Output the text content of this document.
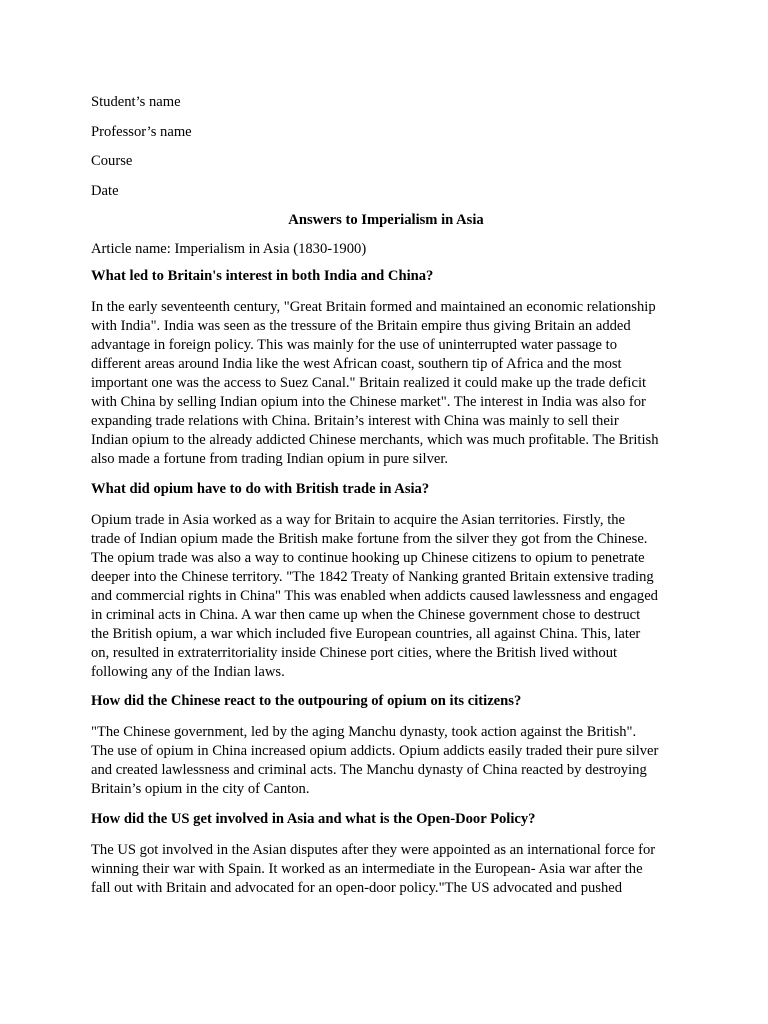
Student’s name

Professor’s name

Course

Date

Answers to Imperialism in Asia

Article name: Imperialism in Asia (1830-1900)

What led to Britain's interest in both India and China?

In the early seventeenth century, "Great Britain formed and maintained an economic relationship

with India". India was seen as the tressure of the Britain empire thus giving Britain an added

advantage in foreign policy. This was mainly for the use of uninterrupted water passage to

different areas around India like the west African coast, southern tip of Africa and the most

important one was the access to Suez Canal." Britain realized it could make up the trade deficit

with China by selling Indian opium into the Chinese market". The interest in India was also for

expanding trade relations with China. Britain’s interest with China was mainly to sell their

Indian opium to the already addicted Chinese merchants, which was much profitable. The British

also made a fortune from trading Indian opium in pure silver.

What did opium have to do with British trade in Asia?

Opium trade in Asia worked as a way for Britain to acquire the Asian territories. Firstly, the

trade of Indian opium made the British make fortune from the silver they got from the Chinese.

The opium trade was also a way to continue hooking up Chinese citizens to opium to penetrate

deeper into the Chinese territory. "The 1842 Treaty of Nanking granted Britain extensive trading

and commercial rights in China" This was enabled when addicts caused lawlessness and engaged

in criminal acts in China. A war then came up when the Chinese government chose to destruct

the British opium, a war which included five European countries, all against China. This, later

on, resulted in extraterritoriality inside Chinese port cities, where the British lived without

following any of the Indian laws.

How did the Chinese react to the outpouring of opium on its citizens?

"The Chinese government, led by the aging Manchu dynasty, took action against the British".

The use of opium in China increased opium addicts. Opium addicts easily traded their pure silver

and created lawlessness and criminal acts. The Manchu dynasty of China reacted by destroying

Britain’s opium in the city of Canton.

How did the US get involved in Asia and what is the Open-Door Policy?

The US got involved in the Asian disputes after they were appointed as an international force for

winning their war with Spain. It worked as an intermediate in the European- Asia war after the

fall out with Britain and advocated for an open-door policy."The US advocated and pushed
